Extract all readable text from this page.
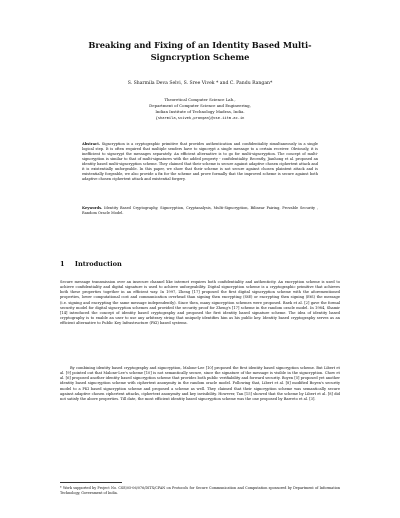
Breaking and Fixing of an Identity Based Multi-Signcryption Scheme
S. Sharmila Deva Selvi, S. Sree Vivek * and C. Pandu Rangan*
Theoretical Computer Science Lab.,
Department of Computer Science and Engineering,
Indian Institute of Technology Madras, India.
{sharmila,svivek,prangan}@cse.iitm.ac.in
Abstract. Signcryption is a cryptographic primitive that provides authentication and confidentiality simultaneously in a single logical step. It is often required that multiple senders have to signcrypt a single message to a certain receiver. Obviously, it is inefficient to signcrypt the messages separately. An efficient alternative is to go for multi-signcryption. The concept of multi-signcryption is similar to that of multi-signatures with the added property - confidentiality. Recently, Jianhong et al. proposed an identity based multi-signcryption scheme. They claimed that their scheme is secure against adaptive chosen ciphertext attack and it is existentially unforgeable. In this paper, we show that their scheme is not secure against chosen plaintext attack and is existentially forgeable, we also provide a fix for the scheme and prove formally that the improved scheme is secure against both adaptive chosen ciphertext attack and existential forgery.
Keywords. Identity Based Cryptography, Signcryption, Cryptanalysis, Multi-Signcryption, Bilinear Pairing, Provable Security , Random Oracle Model.
1 Introduction
Secure message transmission over an insecure channel like internet requires both confidentiality and authenticity. An encryption scheme is used to achieve confidentiality and digital signature is used to achieve unforgeability. Digital signcryption scheme is a cryptographic primitive that achieves both these properties together in an efficient way. In 1997, Zheng [17] proposed the first digital signcryption scheme with the aforementioned properties, lower computational cost and communication overhead than signing then encrypting (StE) or encrypting then signing (EtS) the message (i.e. signing and encrypting the same message independently). Since then, many signcryption schemes were proposed. Baek et al. [2] gave the formal security model for digital signcryption schemes and provided the security proof for Zheng's [17] scheme in the random oracle model. In 1984, Shamir [14] introduced the concept of identity based cryptography and proposed the first identity based signature scheme. The idea of identity based cryptography is to enable an user to use any arbitrary string that uniquely identifies him as his public key. Identity based cryptography serves as an efficient alternative to Public Key Infrastructure (PKI) based systems.
By combining identity based cryptography and signcryption, Malone-Lee [10] proposed the first identity based signcryption scheme. But Libert et al. [9] pointed out that Malone-Lee's scheme [10] is not semantically secure, since the signature of the message is visible in the signcryption. Chow et al. [6] proposed another identity based signcryption scheme that provides both public verifiability and forward security. Boyen [5] proposed yet another identity based signcryption scheme with ciphertext anonymity in the random oracle model. Following that, Libert et al. [8] modified Boyen's security model to a PKI based signcryption scheme and proposed a scheme as well. They claimed that their signcryption scheme was semantically secure against adaptive chosen ciphertext attacks, ciphertext anonymity and key invisibility. However, Tan [15] showed that the scheme by Libert et al. [8] did not satisfy the above properties. Till date, the most efficient identity based signcryption scheme was the one proposed by Barreto et al. [3].
* Work supported by Project No. CSE/05-06/076/DITX/CPAN on Protocols for Secure Communication and Computation sponsored by Department of Information Technology, Government of India.
